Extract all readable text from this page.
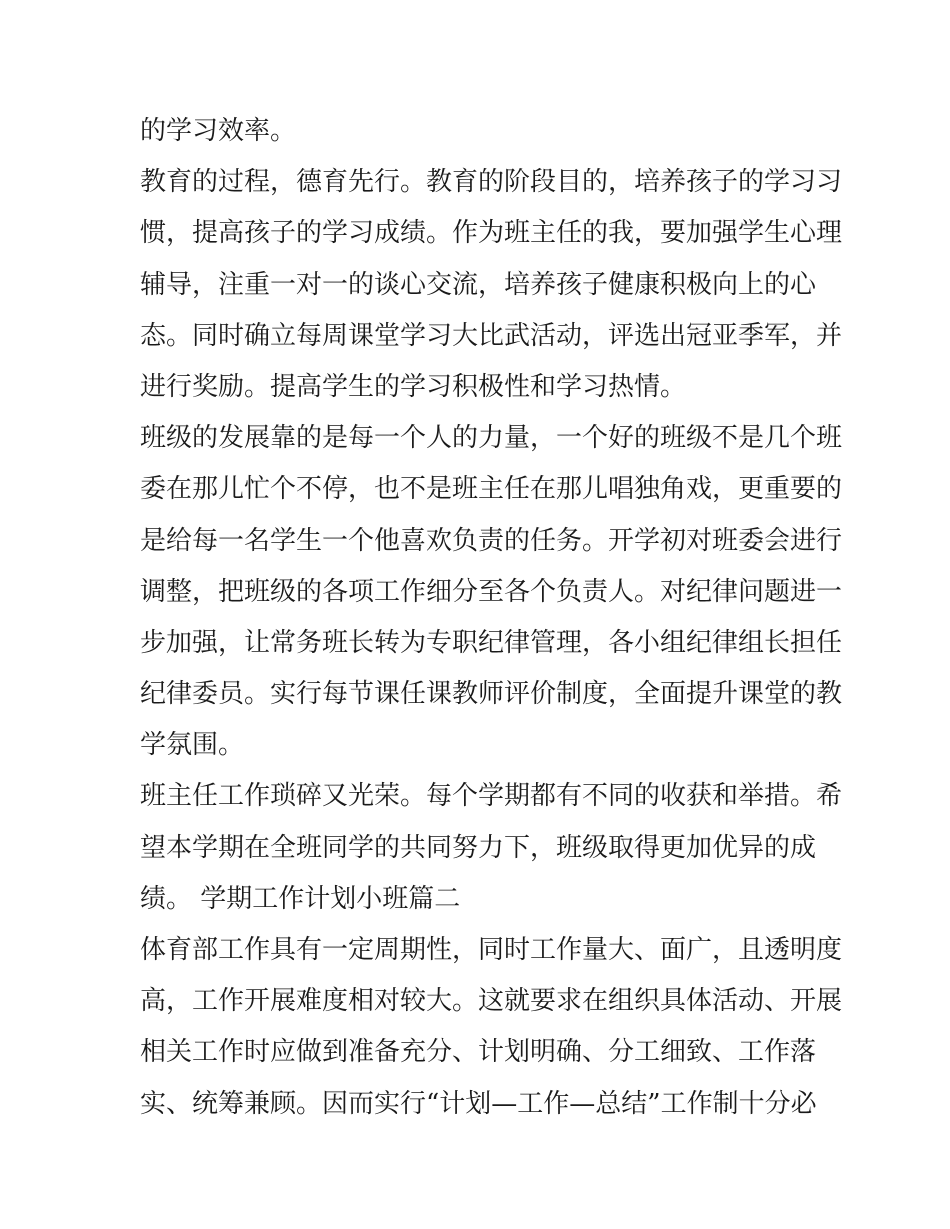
的学习效率。
教育的过程，德育先行。教育的阶段目的，培养孩子的学习习
惯，提高孩子的学习成绩。作为班主任的我，要加强学生心理
辅导，注重一对一的谈心交流，培养孩子健康积极向上的心
态。同时确立每周课堂学习大比武活动，评选出冠亚季军，并
进行奖励。提高学生的学习积极性和学习热情。
班级的发展靠的是每一个人的力量，一个好的班级不是几个班
委在那儿忙个不停，也不是班主任在那儿唱独角戏，更重要的
是给每一名学生一个他喜欢负责的任务。开学初对班委会进行
调整，把班级的各项工作细分至各个负责人。对纪律问题进一
步加强，让常务班长转为专职纪律管理，各小组纪律组长担任
纪律委员。实行每节课任课教师评价制度，全面提升课堂的教
学氛围。
班主任工作琐碎又光荣。每个学期都有不同的收获和举措。希
望本学期在全班同学的共同努力下，班级取得更加优异的成
绩。 学期工作计划小班篇二
体育部工作具有一定周期性，同时工作量大、面广，且透明度
高，工作开展难度相对较大。这就要求在组织具体活动、开展
相关工作时应做到准备充分、计划明确、分工细致、工作落
实、统筹兼顾。因而实行“计划—工作—总结”工作制十分必
